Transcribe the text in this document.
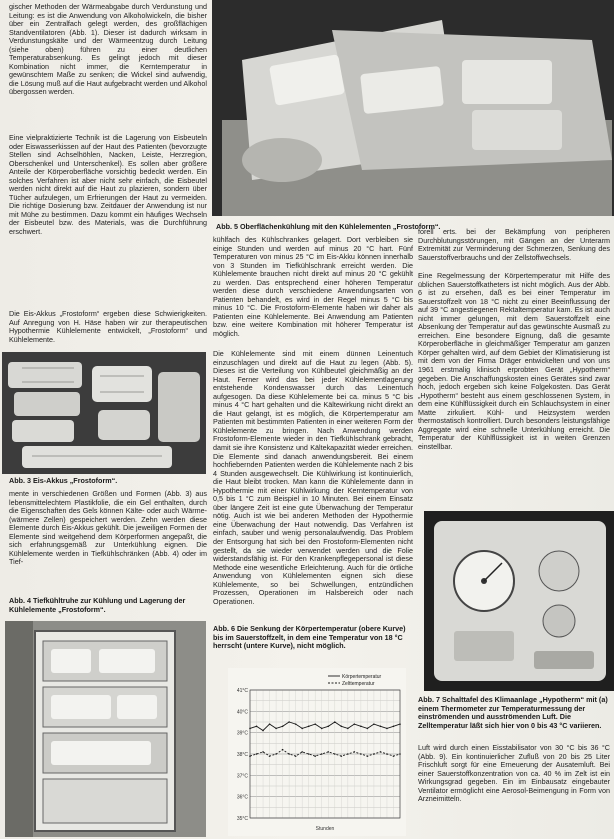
gischer Methoden der Wärmeabgabe durch Verdunstung und Leitung: es ist die Anwendung von Alkoholwickeln, die bisher über ein Zentralfach gelegt werden, des großflächigen Standventilatoren (Abb. 1). Dieser ist dadurch wirksam in Verdunstungskälte und der Wärmeentzug durch Leitung (siehe oben) führen zu einer deutlichen Temperaturabsenkung. Es gelingt jedoch mit dieser Kombination nicht immer, die Kerntemperatur in gewünschtem Maße zu senken; die Wickel sind aufwendig, die Lösung muß auf die Haut aufgebracht werden und Alkohol übergossen werden.

Eine vielpraktizierte Technik ist die Lagerung von Eisbeuteln oder Eiswasserkissen auf der Haut des Patienten (bevorzugte Stellen sind Achselhöhlen, Nacken, Leiste, Herzregion, Oberschenkel und Unterschenkel). Es sollen aber größere Anteile der Körperoberfläche vorsichtig bedeckt werden. Ein solches Verfahren ist aber nicht sehr einfach, die Eisbeutel werden nicht direkt auf die Haut zu plazieren, sondern über Tücher aufzulegen, um Erfrierungen der Haut zu vermeiden. Die richtige Dosierung bzw. Zeitdauer der Anwendung ist nur mit Mühe zu bestimmen. Dazu kommt ein häufiges Wechseln der Eisbeutel bzw. des Materials, was die Durchführung erschwert.

Die Eis-Akkus „Frostoform“ ergeben diese Schwierigkeiten. Auf Anregung von H. Häse haben wir zur therapeutischen Hypothermie Kühlelemente entwickelt, „Frostoform“ und Kühlelemente.

Abb. 3 Eis-Akkus „Frostoform“.

mente in verschiedenen Größen und Formen (Abb. 3) aus lebensmittelechtem Plastikfolie, die ein Gel enthalten, durch die Eigenschaften des Gels können Kälte- oder auch Wärme- (wärmere Zellen) gespeichert werden. Zehn werden diese Elemente durch Eis-Akkus gekühlt. Die jeweiligen Formen der Elemente sind weitgehend dem Körperformen angepaßt, die sich erfahrungsgemäß zur Unterkühlung eignen. Die Kühlelemente werden in Tiefkühlschränken (Abb. 4) oder im Tief-

Abb. 4 Tiefkühltruhe zur Kühlung und Lagerung der Kühlelemente „Frostoform“.
Abb. 5 Oberflächenkühlung mit den Kühlelementen „Frostoform“.

kühlfach des Kühlschrankes gelagert. Dort verbleiben sie einige Stunden und werden auf minus 20 °C hart. Fünf Temperaturen von minus 25 °C im Eis-Akku können innerhalb von 3 Stunden im Tiefkühlschrank erreicht werden. Die Kühlelemente brauchen nicht direkt auf minus 20 °C gekühlt zu werden. Das entsprechend einer höheren Temperatur werden diese durch verschiedene Anwendungsarten von Patienten behandelt, es wird in der Regel minus 5 °C bis minus 10 °C. Die Frostoform-Elemente haben wir daher als Patienten eine Kühlelemente. Bei Anwendung am Patienten bzw. eine weitere Kombination mit höherer Temperatur ist möglich.

Die Kühlelemente sind mit einem dünnen Leinentuch einzuschlagen und direkt auf die Haut zu legen (Abb. 5). Dieses ist die Verteilung von Kühlbeutel gleichmäßig an der Haut. Ferner wird das bei jeder Kühlelementlagerung entstehende Kondenswasser durch das Leinentuch aufgesogen. Da diese Kühlelemente bei ca. minus 5 °C bis minus 4 °C hart gehalten und die Kältewirkung nicht direkt an die Haut gelangt, ist es möglich, die Körpertemperatur am Patienten mit bestimmten Patienten in einer weiteren Form der Kühlelemente zu bringen. Nach Anwendung werden Frostoform-Elemente wieder in den Tiefkühlschrank gebracht, damit sie ihre Konsistenz und Kältekapazität wieder erreichen. Die Elemente sind danach anwendungsbereit. Bei einem hochfiebernden Patienten werden die Kühlelemente nach 2 bis 4 Stunden ausgewechselt. Die Kühlwirkung ist kontinuierlich, die Haut bleibt trocken. Man kann die Kühlelemente dann in Hypothermie mit einer Kühlwirkung der Kerntemperatur von 0,5 bis 1 °C zum Beispiel in 10 Minuten. Bei einem Einsatz über längere Zeit ist eine gute Überwachung der Temperatur nötig. Auch ist wie bei anderen Methoden der Hypothermie eine Überwachung der Haut notwendig. Das Verfahren ist einfach, sauber und wenig personalaufwendig. Das Problem der Entsorgung hat sich bei den Frostoform-Elementen nicht gestellt, da sie wieder verwendet werden und die Folie widerstandsfähig ist. Für den Krankenpflegepersonal ist diese Methode eine wesentliche Erleichterung. Auch für die örtliche Anwendung von Kühlelementen eignen sich diese Kühlelemente, so bei Schwellungen, entzündlichen Prozessen, Operationen im Halsbereich oder nach Operationen.

Abb. 6 Die Senkung der Körpertemperatur (obere Kurve) bis im Sauerstoffzelt, in dem eine Temperatur von 18 °C herrscht (untere Kurve), nicht möglich.
41°C
40°C
39°C
38°C
37°C
36°C
35°C
Körpertemperatur
Zelttemperatur
Stunden

forell erts. bei der Bekämpfung von peripheren Durchblutungsstörungen, mit Gängen an der Unterarm Extremität zur Verminderung der Schmerzen, Senkung des Sauerstoffverbrauchs und der Zellstoffwechsels.

Eine Regelmessung der Körpertemperatur mit Hilfe des üblichen Sauerstoffkatheters ist nicht möglich. Aus der Abb. 6 ist zu ersehen, daß es bei einer Temperatur im Sauerstoffzelt von 18 °C nicht zu einer Beeinflussung der auf 39 °C angestiegenen Rektaltemperatur kam. Es ist auch nicht immer gelungen, mit dem Sauerstoffzelt eine Absenkung der Temperatur auf das gewünschte Ausmaß zu erreichen. Eine besondere Eignung, daß die gesamte Körperoberfläche in gleichmäßiger Temperatur am ganzen Körper gehalten wird, auf dem Gebiet der Klimatisierung ist mit dem von der Firma Dräger entwickelten und von uns 1961 erstmalig klinisch erprobten Gerät „Hypotherm“ gegeben. Die Anschaffungskosten eines Gerätes sind zwar hoch, jedoch ergeben sich keine Folgekosten. Das Gerät „Hypotherm“ besteht aus einem geschlossenen System, in dem eine Kühlflüssigkeit durch ein Schlauchsystem in einer Matte zirkuliert. Kühl- und Heizsystem werden thermostatisch kontrolliert. Durch besonders leistungsfähige Aggregate wird eine schnelle Unterkühlung erreicht. Die Temperatur der Kühlflüssigkeit ist in weiten Grenzen einstellbar.

Abb. 7 Schalttafel des Klimaanlage „Hypotherm“ mit (a) einem Thermometer zur Temperaturmessung der einströmenden und ausströmenden Luft. Die Zelltemperatur läßt sich hier von 0 bis 43 °C variieren.

Luft wird durch einen Eisstabilisator von 30 °C bis 36 °C (Abb. 9). Ein kontinuierlicher Zufluß von 20 bis 25 Liter Frischluft sorgt für eine Erneuerung der Ausatemluft. Bei einer Sauerstoffkonzentration von ca. 40 % im Zelt ist ein Wirkungsgrad gegeben. Ein im Einbausatz eingebauter Ventilator ermöglicht eine Aerosol-Beimengung in Form von Arzneimitteln.
